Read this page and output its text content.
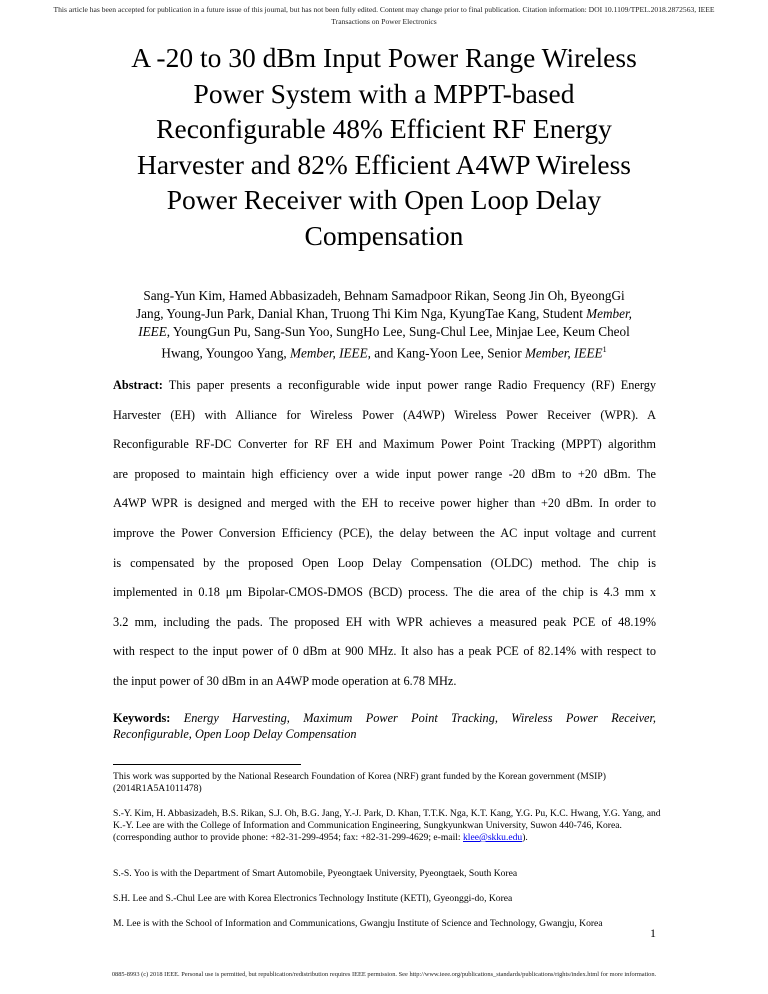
This article has been accepted for publication in a future issue of this journal, but has not been fully edited. Content may change prior to final publication. Citation information: DOI 10.1109/TPEL.2018.2872563, IEEE
Transactions on Power Electronics
A -20 to 30 dBm Input Power Range Wireless
Power System with a MPPT-based
Reconfigurable 48% Efficient RF Energy
Harvester and 82% Efficient A4WP Wireless
Power Receiver with Open Loop Delay
Compensation
Sang-Yun Kim, Hamed Abbasizadeh, Behnam Samadpoor Rikan, Seong Jin Oh, ByeongGi
Jang, Young-Jun Park, Danial Khan, Truong Thi Kim Nga, KyungTae Kang, Student Member,
IEEE, YoungGun Pu, Sang-Sun Yoo, SungHo Lee, Sung-Chul Lee, Minjae Lee, Keum Cheol
Hwang, Youngoo Yang, Member, IEEE, and Kang-Yoon Lee, Senior Member, IEEE$^1$
Abstract: This paper presents a reconfigurable wide input power range Radio Frequency (RF) Energy
Harvester (EH) with Alliance for Wireless Power (A4WP) Wireless Power Receiver (WPR). A
Reconfigurable RF-DC Converter for RF EH and Maximum Power Point Tracking (MPPT) algorithm
are proposed to maintain high efficiency over a wide input power range -20 dBm to +20 dBm. The
A4WP WPR is designed and merged with the EH to receive power higher than +20 dBm. In order to
improve the Power Conversion Efficiency (PCE), the delay between the AC input voltage and current
is compensated by the proposed Open Loop Delay Compensation (OLDC) method. The chip is
implemented in 0.18 μm Bipolar-CMOS-DMOS (BCD) process. The die area of the chip is 4.3 mm x
3.2 mm, including the pads. The proposed EH with WPR achieves a measured peak PCE of 48.19%
with respect to the input power of 0 dBm at 900 MHz. It also has a peak PCE of 82.14% with respect to
the input power of 30 dBm in an A4WP mode operation at 6.78 MHz.
Keywords: Energy Harvesting, Maximum Power Point Tracking, Wireless Power Receiver,
Reconfigurable, Open Loop Delay Compensation
This work was supported by the National Research Foundation of Korea (NRF) grant funded by the Korean government (MSIP) (2014R1A5A1011478)
S.-Y. Kim, H. Abbasizadeh, B.S. Rikan, S.J. Oh, B.G. Jang, Y.-J. Park, D. Khan, T.T.K. Nga, K.T. Kang, Y.G. Pu, K.C. Hwang, Y.G. Yang, and K.-Y. Lee are with the College of Information and Communication Engineering, Sungkyunkwan University, Suwon 440-746, Korea. (corresponding author to provide phone: +82-31-299-4954; fax: +82-31-299-4629; e-mail: klee@skku.edu).
S.-S. Yoo is with the Department of Smart Automobile, Pyeongtaek University, Pyeongtaek, South Korea
S.H. Lee and S.-Chul Lee are with Korea Electronics Technology Institute (KETI), Gyeonggi-do, Korea
M. Lee is with the School of Information and Communications, Gwangju Institute of Science and Technology, Gwangju, Korea
1
0885-8993 (c) 2018 IEEE. Personal use is permitted, but republication/redistribution requires IEEE permission. See http://www.ieee.org/publications_standards/publications/rights/index.html for more information.
